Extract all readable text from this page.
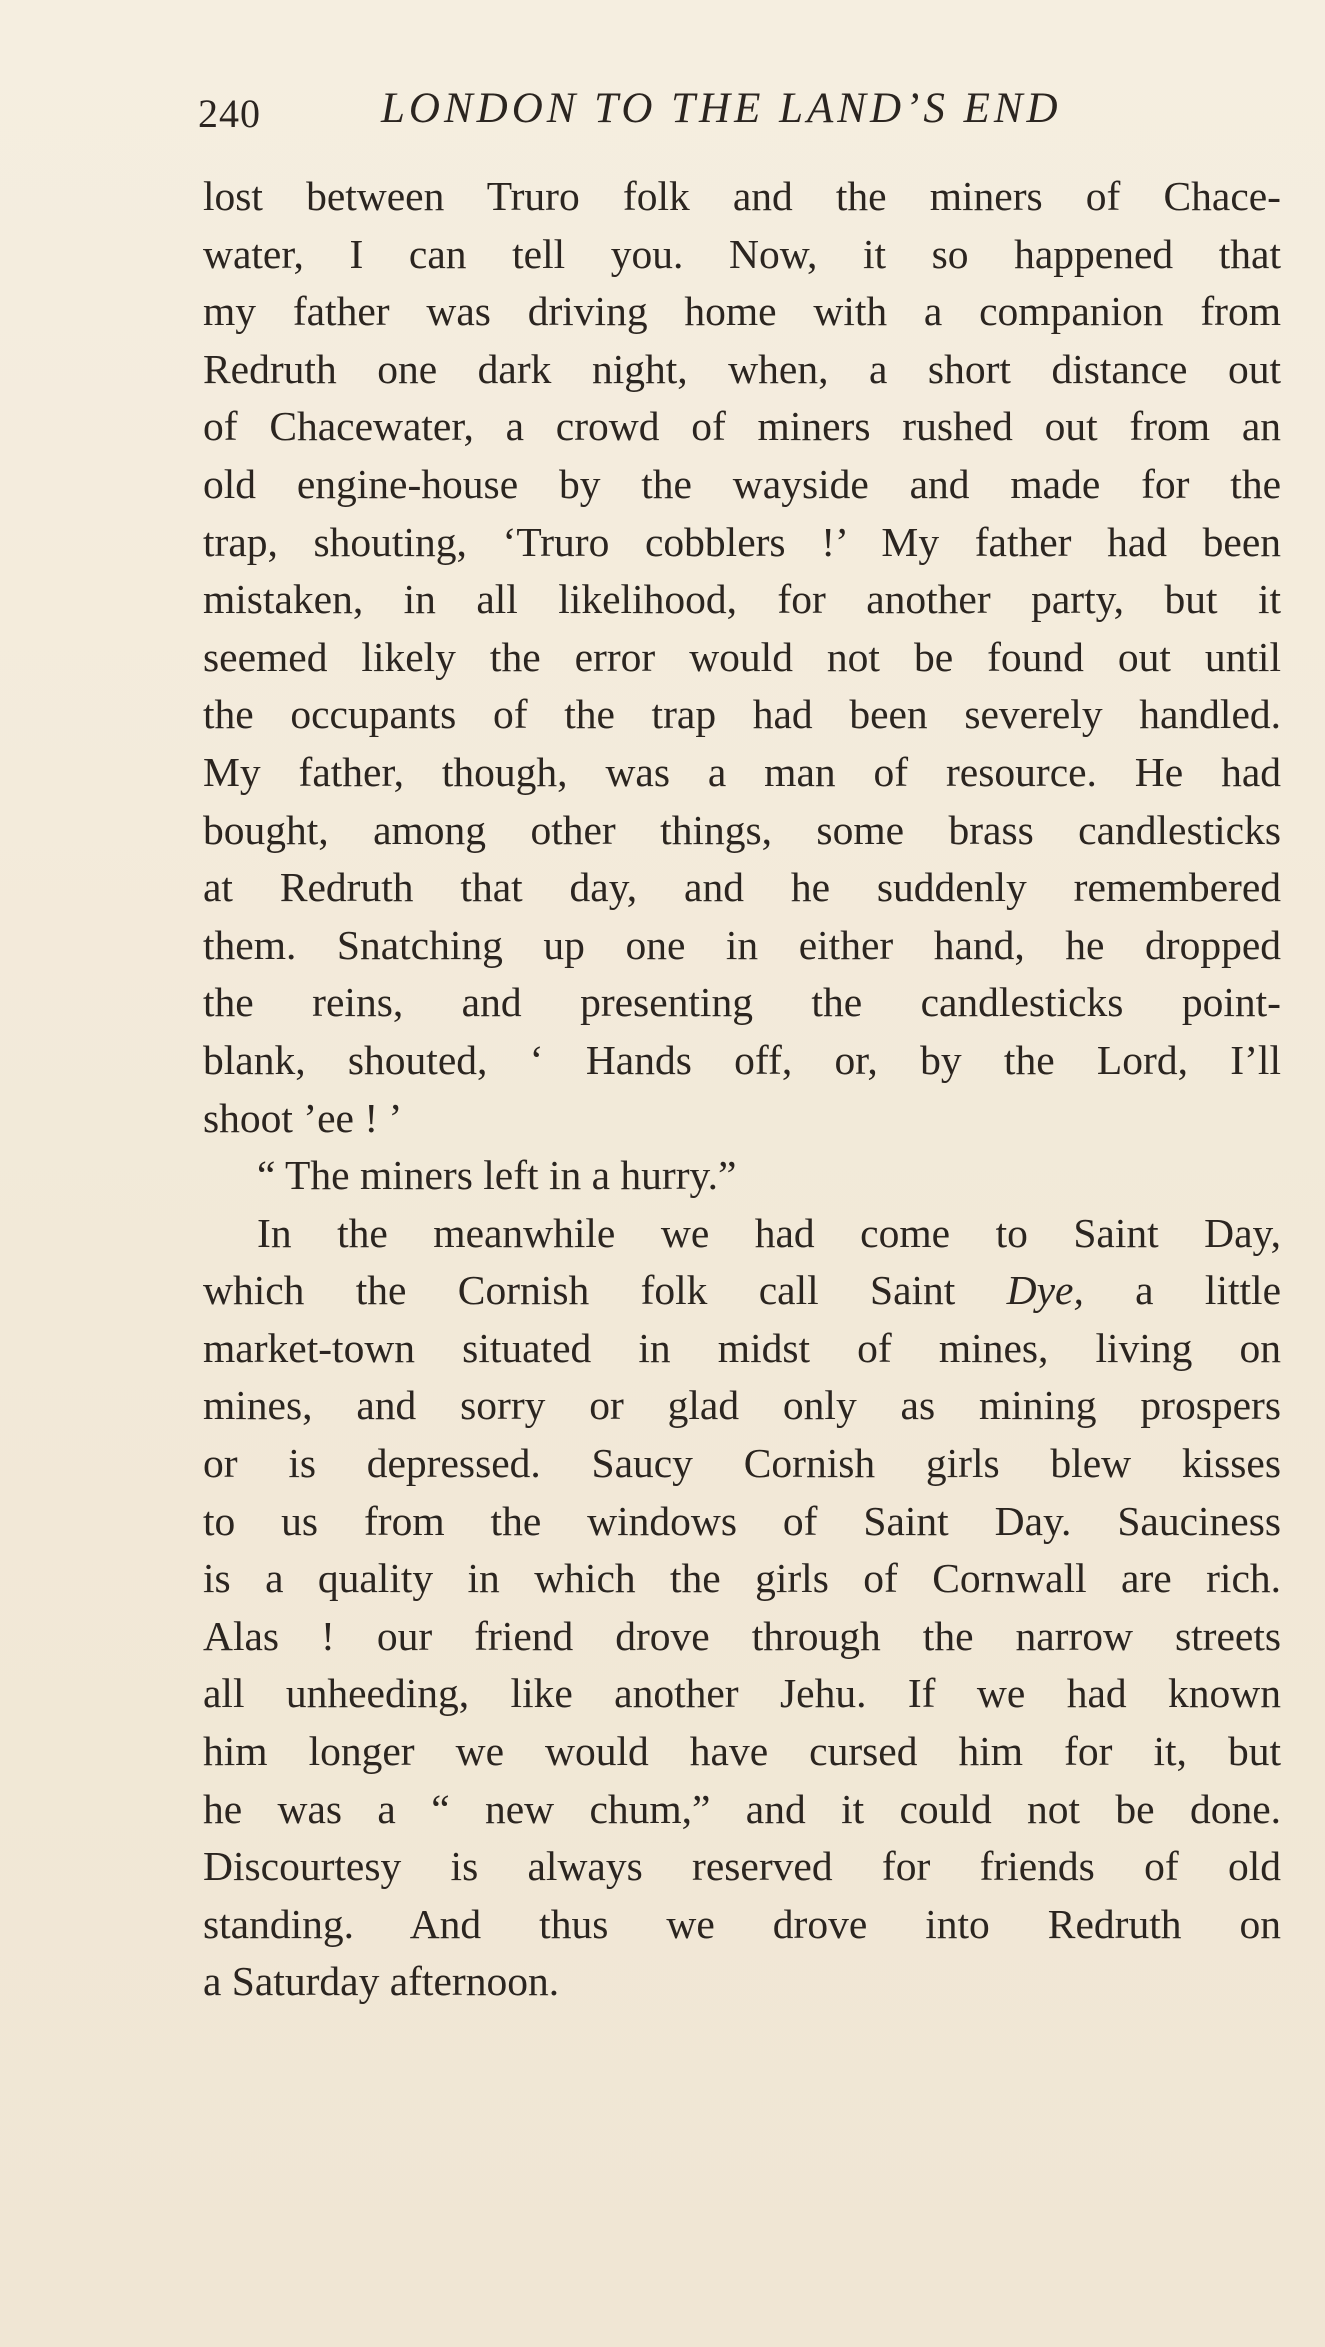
240	LONDON TO THE LAND’S END
lost between Truro folk and the miners of Chace-
water, I can tell you. Now, it so happened that
my father was driving home with a companion from
Redruth one dark night, when, a short distance out
of Chacewater, a crowd of miners rushed out from an
old engine-house by the wayside and made for the
trap, shouting, ‘Truro cobblers !’ My father had been
mistaken, in all likelihood, for another party, but it
seemed likely the error would not be found out until
the occupants of the trap had been severely handled.
My father, though, was a man of resource. He had
bought, among other things, some brass candlesticks
at Redruth that day, and he suddenly remembered
them. Snatching up one in either hand, he dropped
the reins, and presenting the candlesticks point-
blank, shouted, ‘ Hands off, or, by the Lord, I’ll
shoot ’ee ! ’
“ The miners left in a hurry.”
In the meanwhile we had come to Saint Day,
which the Cornish folk call Saint Dye, a little
market-town situated in midst of mines, living on
mines, and sorry or glad only as mining prospers
or is depressed. Saucy Cornish girls blew kisses
to us from the windows of Saint Day. Sauciness
is a quality in which the girls of Cornwall are rich.
Alas ! our friend drove through the narrow streets
all unheeding, like another Jehu. If we had known
him longer we would have cursed him for it, but
he was a “ new chum,” and it could not be done.
Discourtesy is always reserved for friends of old
standing. And thus we drove into Redruth on
a Saturday afternoon.
